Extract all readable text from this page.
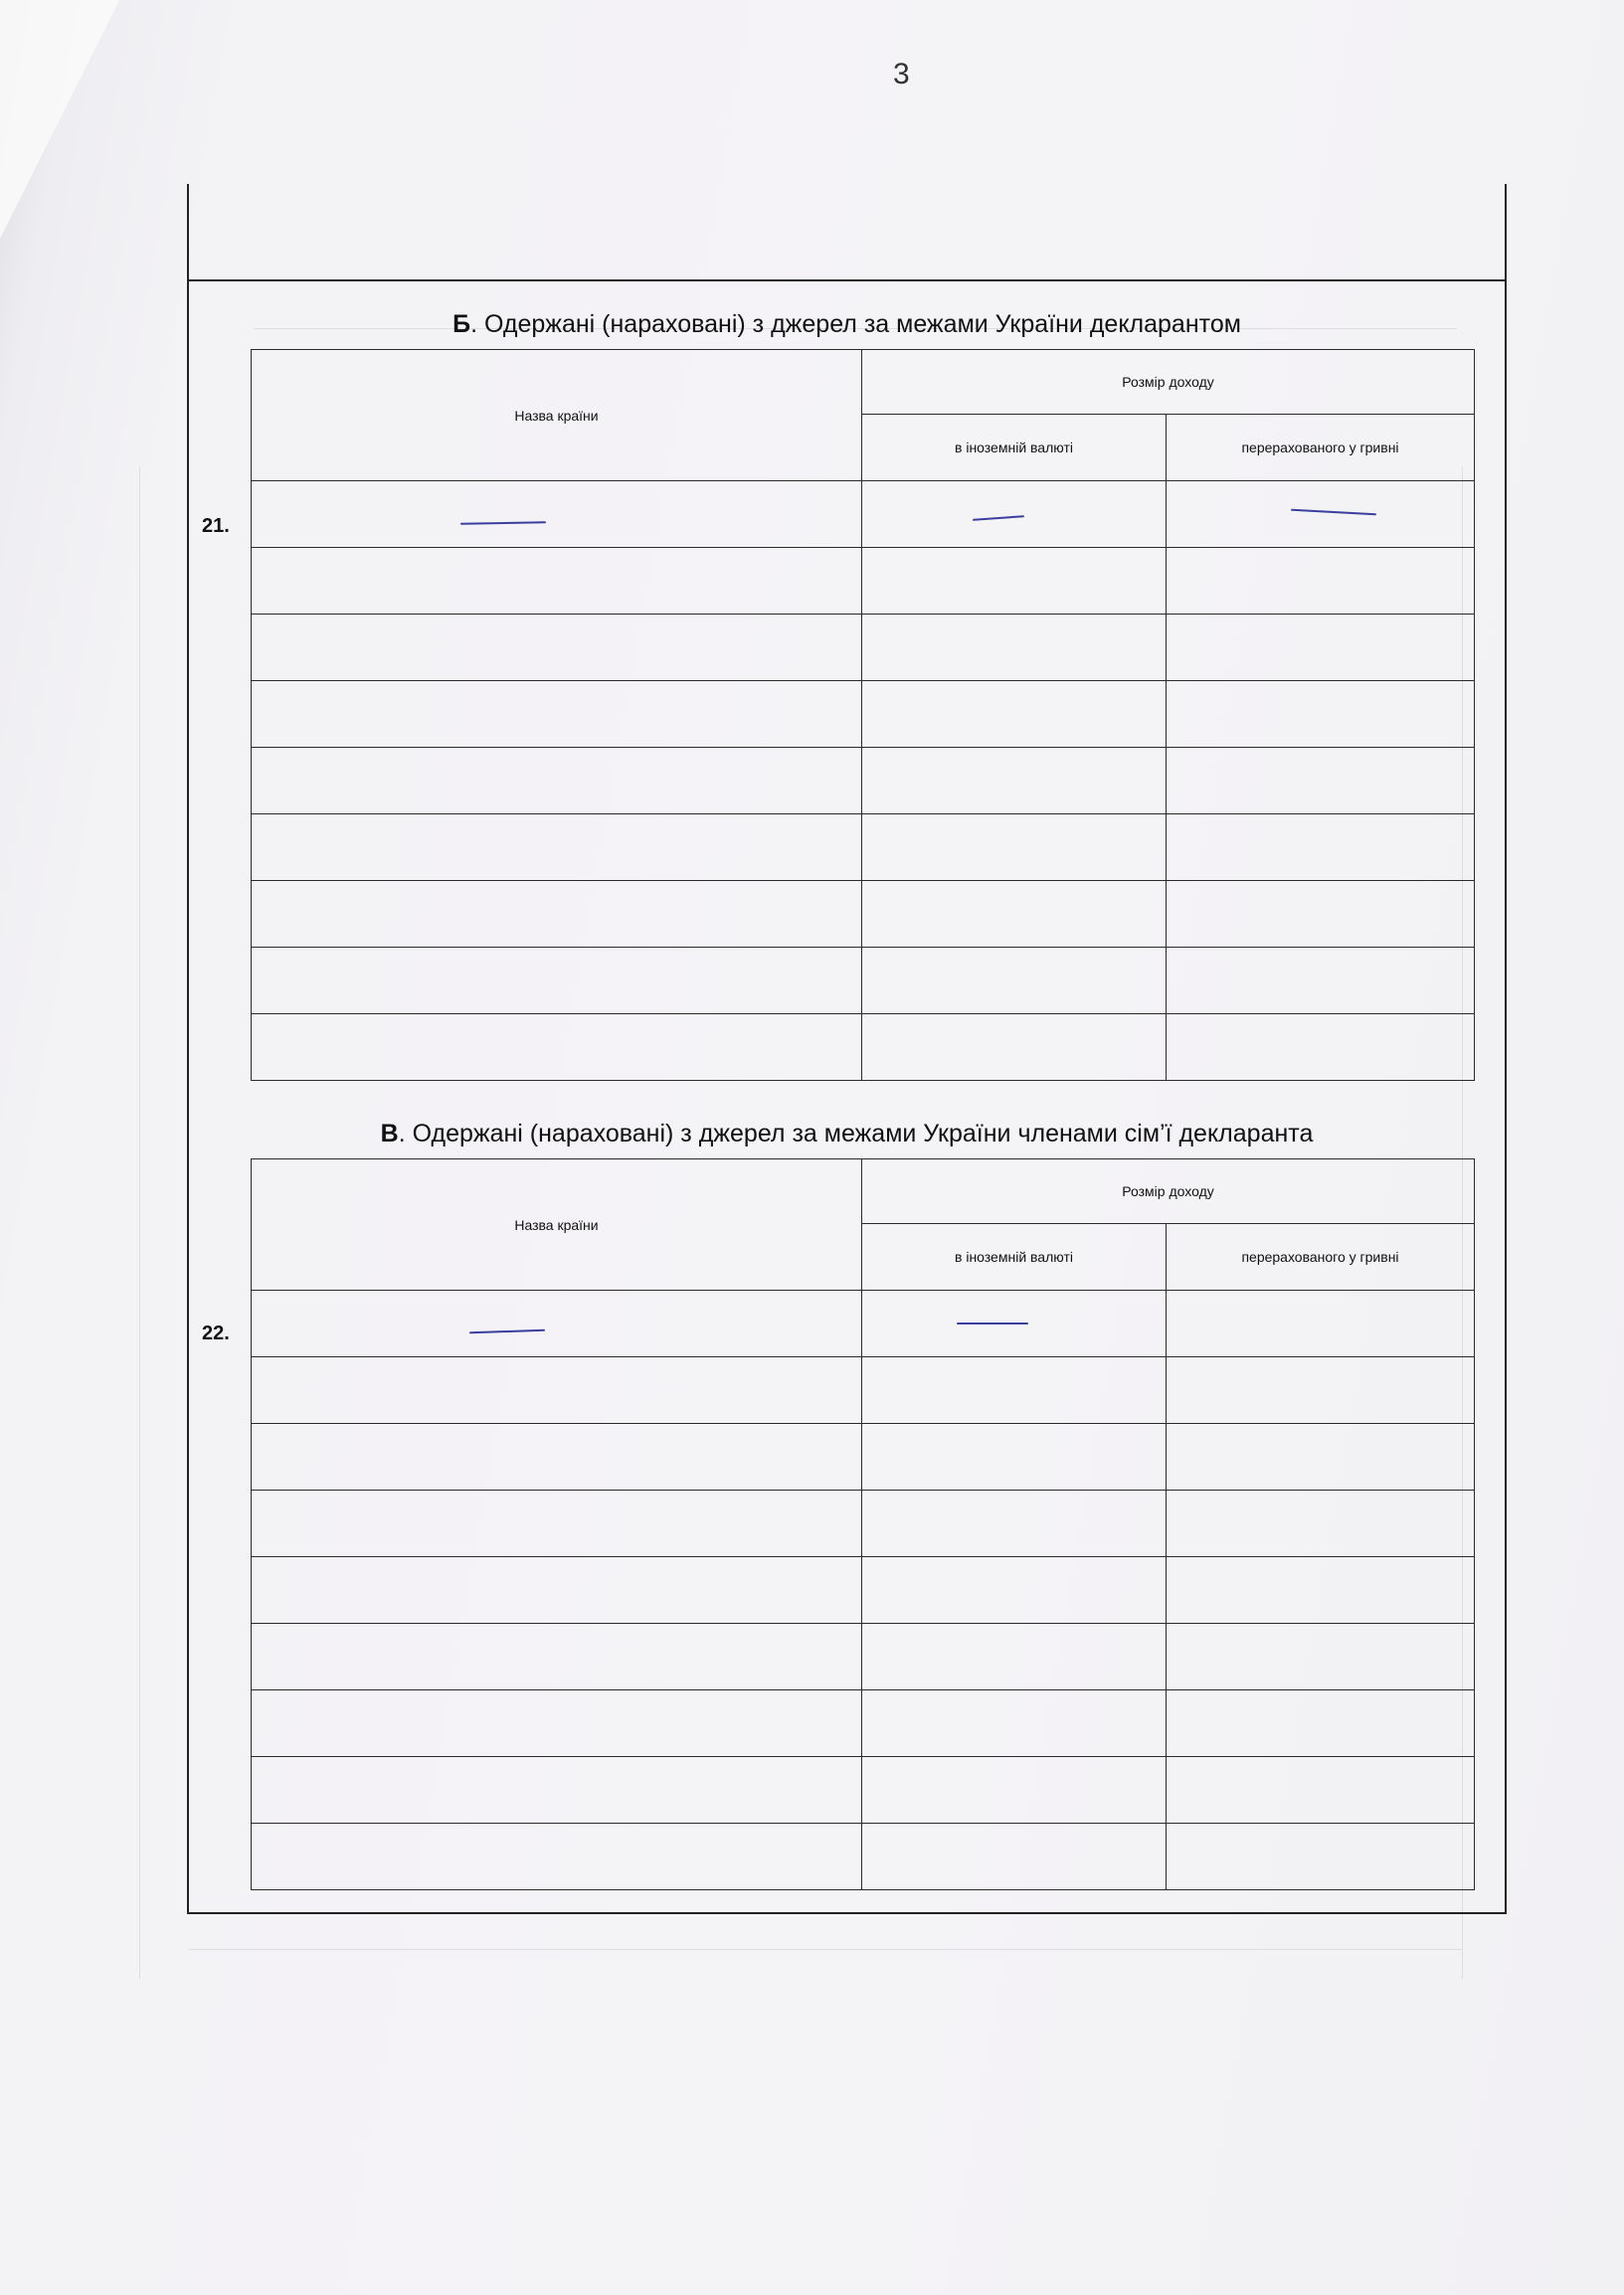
3
Б. Одержані (нараховані) з джерел за межами України декларантом
Назва країни	Розмір доходу	
	в іноземній валюті	перерахованого у гривні

21.
В. Одержані (нараховані) з джерел за межами України членами сім’ї декларанта
Назва країни	Розмір доходу	
	в іноземній валюті	перерахованого у гривні

22.
